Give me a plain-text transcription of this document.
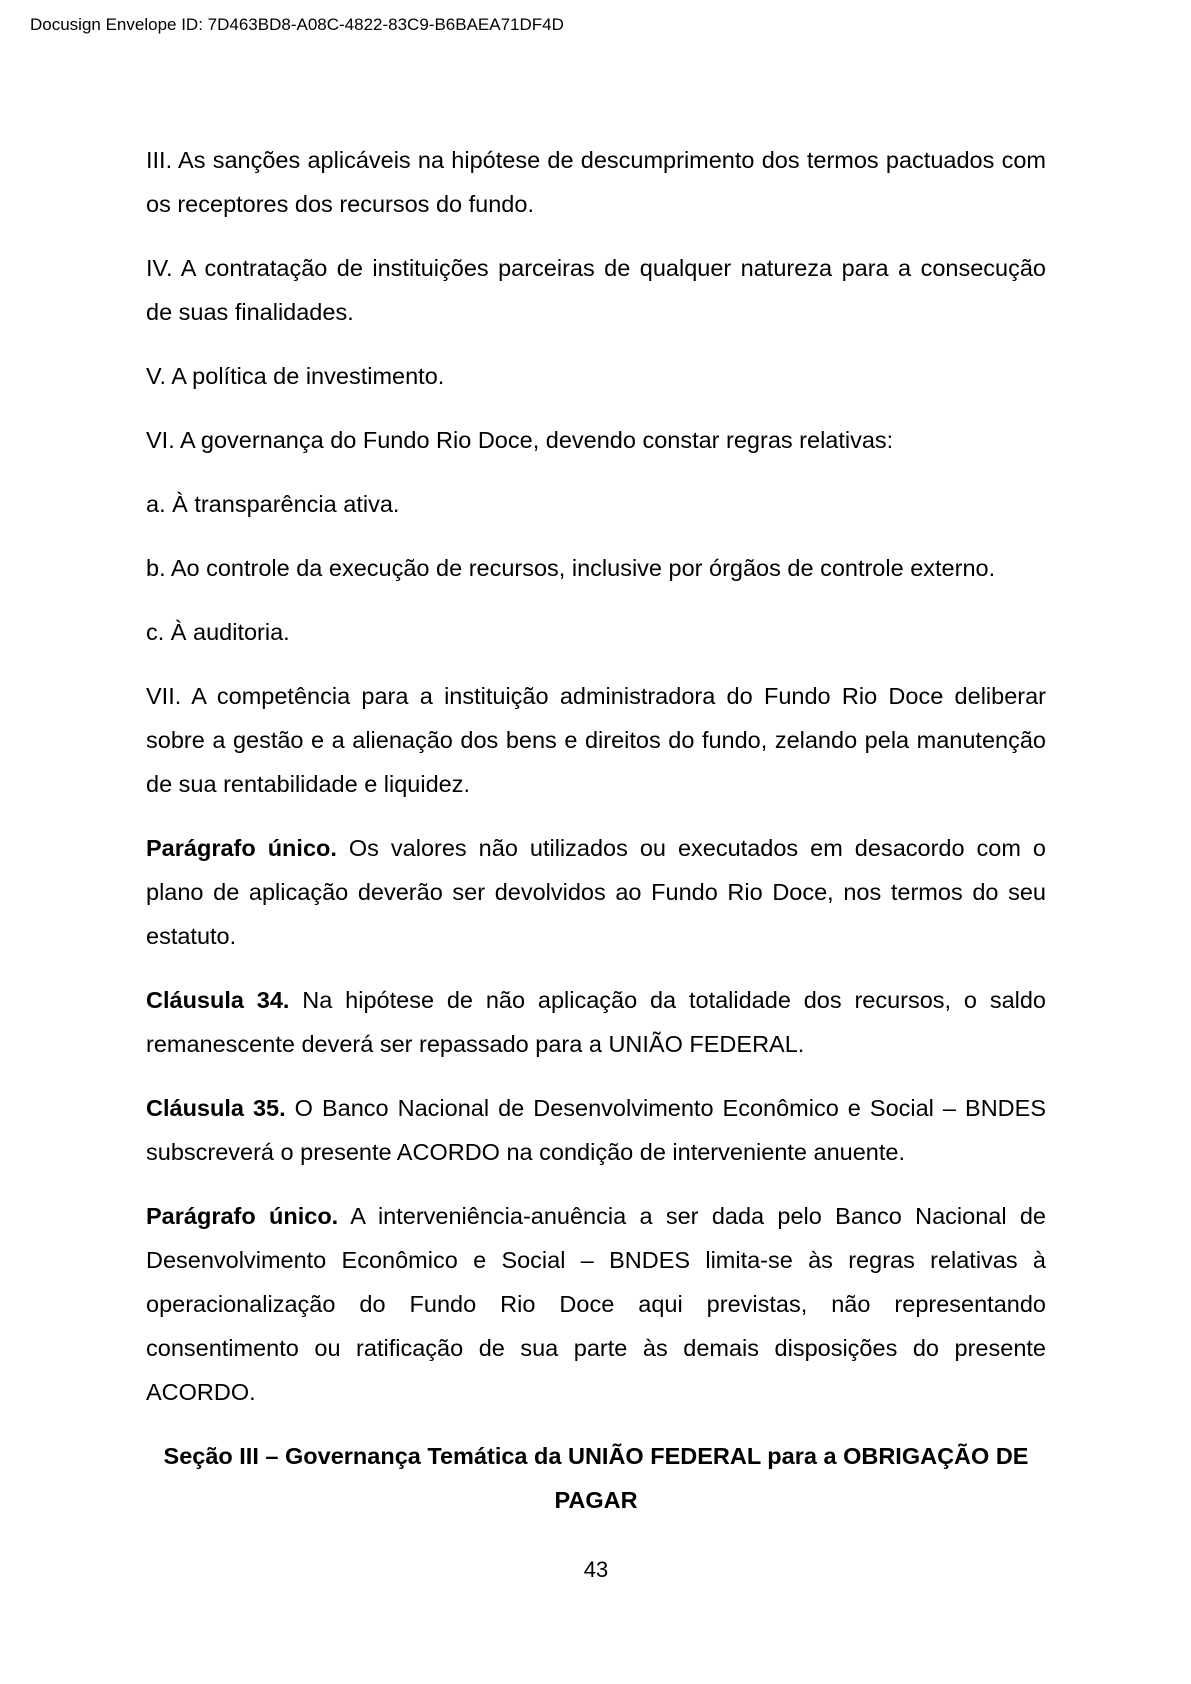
Docusign Envelope ID: 7D463BD8-A08C-4822-83C9-B6BAEA71DF4D

III. As sanções aplicáveis na hipótese de descumprimento dos termos pactuados com os receptores dos recursos do fundo.

IV. A contratação de instituições parceiras de qualquer natureza para a consecução de suas finalidades.

V. A política de investimento.

VI. A governança do Fundo Rio Doce, devendo constar regras relativas:

a. À transparência ativa.

b. Ao controle da execução de recursos, inclusive por órgãos de controle externo.

c. À auditoria.

VII. A competência para a instituição administradora do Fundo Rio Doce deliberar sobre a gestão e a alienação dos bens e direitos do fundo, zelando pela manutenção de sua rentabilidade e liquidez.

Parágrafo único. Os valores não utilizados ou executados em desacordo com o plano de aplicação deverão ser devolvidos ao Fundo Rio Doce, nos termos do seu estatuto.

Cláusula 34. Na hipótese de não aplicação da totalidade dos recursos, o saldo remanescente deverá ser repassado para a UNIÃO FEDERAL.

Cláusula 35. O Banco Nacional de Desenvolvimento Econômico e Social – BNDES subscreverá o presente ACORDO na condição de interveniente anuente.

Parágrafo único. A interveniência-anuência a ser dada pelo Banco Nacional de Desenvolvimento Econômico e Social – BNDES limita-se às regras relativas à operacionalização do Fundo Rio Doce aqui previstas, não representando consentimento ou ratificação de sua parte às demais disposições do presente ACORDO.

Seção III – Governança Temática da UNIÃO FEDERAL para a OBRIGAÇÃO DE PAGAR

43
